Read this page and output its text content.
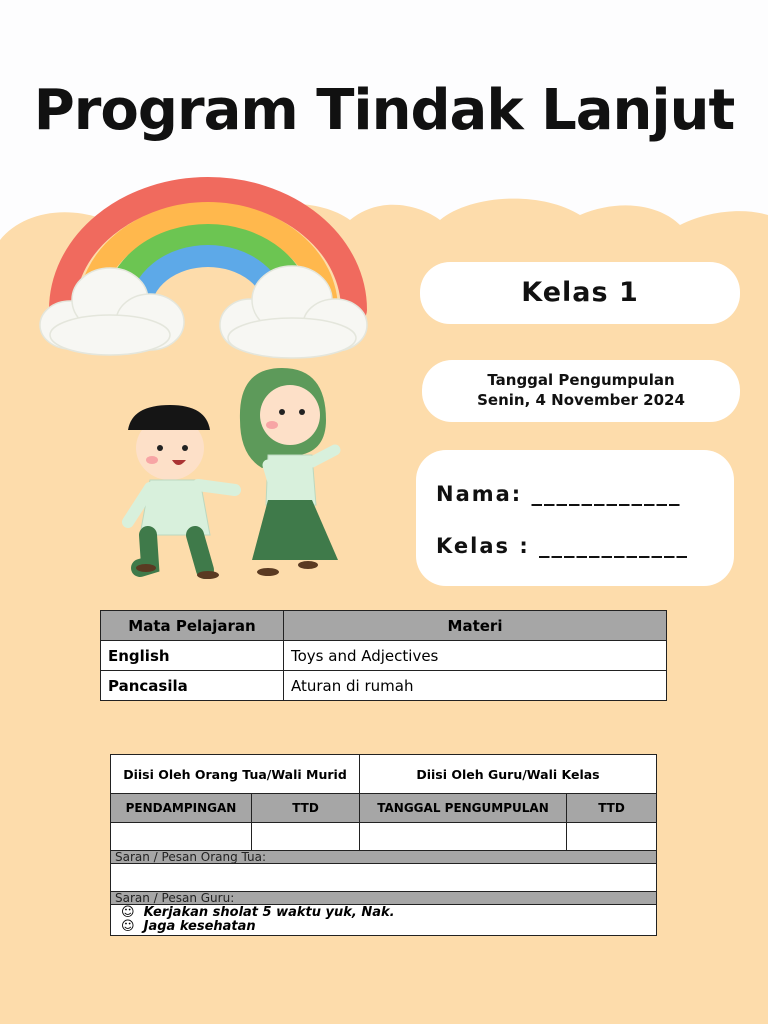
Program Tindak Lanjut
Kelas 1
Tanggal Pengumpulan
Senin, 4 November 2024
Nama: ____________
Kelas : ____________
Mata Pelajaran	Materi
English	Toys and Adjectives
Pancasila	Aturan di rumah
Diisi Oleh Orang Tua/Wali Murid		Diisi Oleh Guru/Wali Kelas	
PENDAMPINGAN	TTD	TANGGAL PENGUMPULAN	TTD

Saran / Pesan Orang Tua:			

Saran / Pesan Guru:			

☺ Kerjakan sholat 5 waktu yuk, Nak.
☺ Jaga kesehatan			
